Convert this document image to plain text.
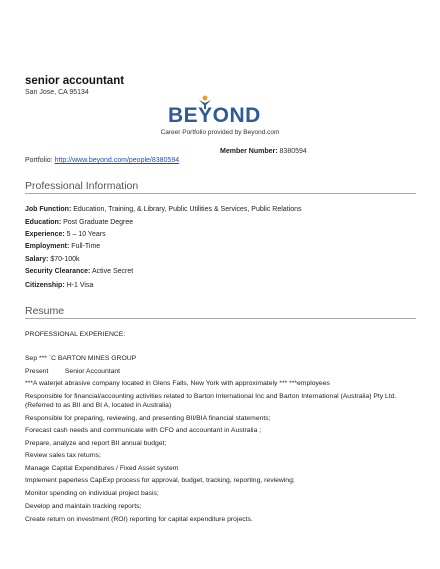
senior accountant
San Jose, CA 95134
BEYOND
Career Portfolio provided by Beyond.com
Member Number: 8380594
Portfolio: http://www.beyond.com/people/8380594
Professional Information
Job Function: Education, Training, & Library, Public Utilities & Services, Public Relations
Education: Post Graduate Degree
Experience: 5 – 10 Years
Employment: Full-Time
Salary: $70-100k
Security Clearance: Active Secret
Citizenship: H-1 Visa
Resume
PROFESSIONAL EXPERIENCE:
Sep *** `C BARTON MINES GROUP
Present Senior Accountant
***A waterjet abrasive company located in Glens Falls, New York with approximately *** ***employees
Responsible for financial/accounting activities related to Barton International Inc and Barton International (Australia) Pty Ltd. (Referred to as BII and BI A, located in Australia)
Responsible for preparing, reviewing, and presenting BII/BIA financial statements;
Forecast cash needs and communicate with CFO and accountant in Australia ;
Prepare, analyze and report BII annual budget;
Review sales tax returns;
Manage Capital Expenditures / Fixed Asset system
Implement paperless CapExp process for approval, budget, tracking, reporting, reviewing;
Monitor spending on individual project basis;
Develop and maintain tracking reports;
Create return on investment (ROI) reporting for capital expenditure projects.
